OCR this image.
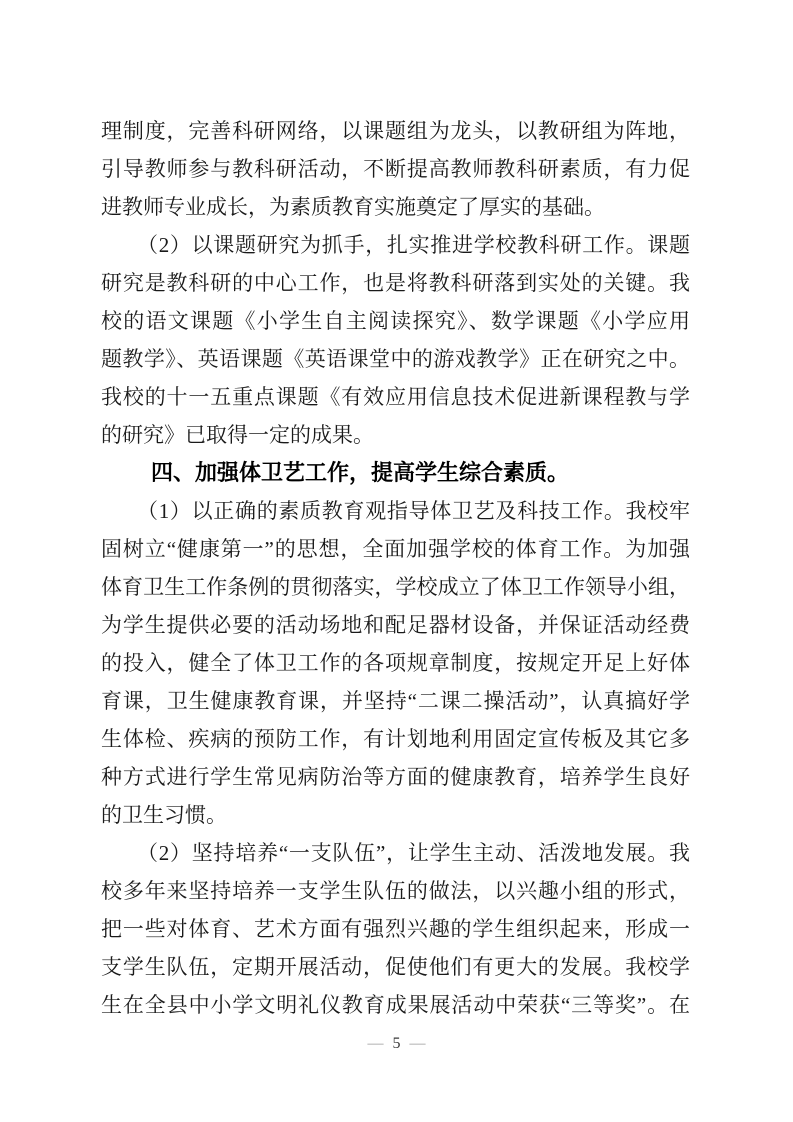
理制度，完善科研网络，以课题组为龙头，以教研组为阵地，
引导教师参与教科研活动，不断提高教师教科研素质，有力促
进教师专业成长，为素质教育实施奠定了厚实的基础。
（2）以课题研究为抓手，扎实推进学校教科研工作。课题
研究是教科研的中心工作，也是将教科研落到实处的关键。我
校的语文课题《小学生自主阅读探究》、数学课题《小学应用
题教学》、英语课题《英语课堂中的游戏教学》正在研究之中。
我校的十一五重点课题《有效应用信息技术促进新课程教与学
的研究》已取得一定的成果。
四、加强体卫艺工作，提高学生综合素质。
（1）以正确的素质教育观指导体卫艺及科技工作。我校牢
固树立“健康第一”的思想，全面加强学校的体育工作。为加强
体育卫生工作条例的贯彻落实，学校成立了体卫工作领导小组，
为学生提供必要的活动场地和配足器材设备，并保证活动经费
的投入，健全了体卫工作的各项规章制度，按规定开足上好体
育课，卫生健康教育课，并坚持“二课二操活动”，认真搞好学
生体检、疾病的预防工作，有计划地利用固定宣传板及其它多
种方式进行学生常见病防治等方面的健康教育，培养学生良好
的卫生习惯。
（2）坚持培养“一支队伍”，让学生主动、活泼地发展。我
校多年来坚持培养一支学生队伍的做法，以兴趣小组的形式，
把一些对体育、艺术方面有强烈兴趣的学生组织起来，形成一
支学生队伍，定期开展活动，促使他们有更大的发展。我校学
生在全县中小学文明礼仪教育成果展活动中荣获“三等奖”。在
— 5 —
